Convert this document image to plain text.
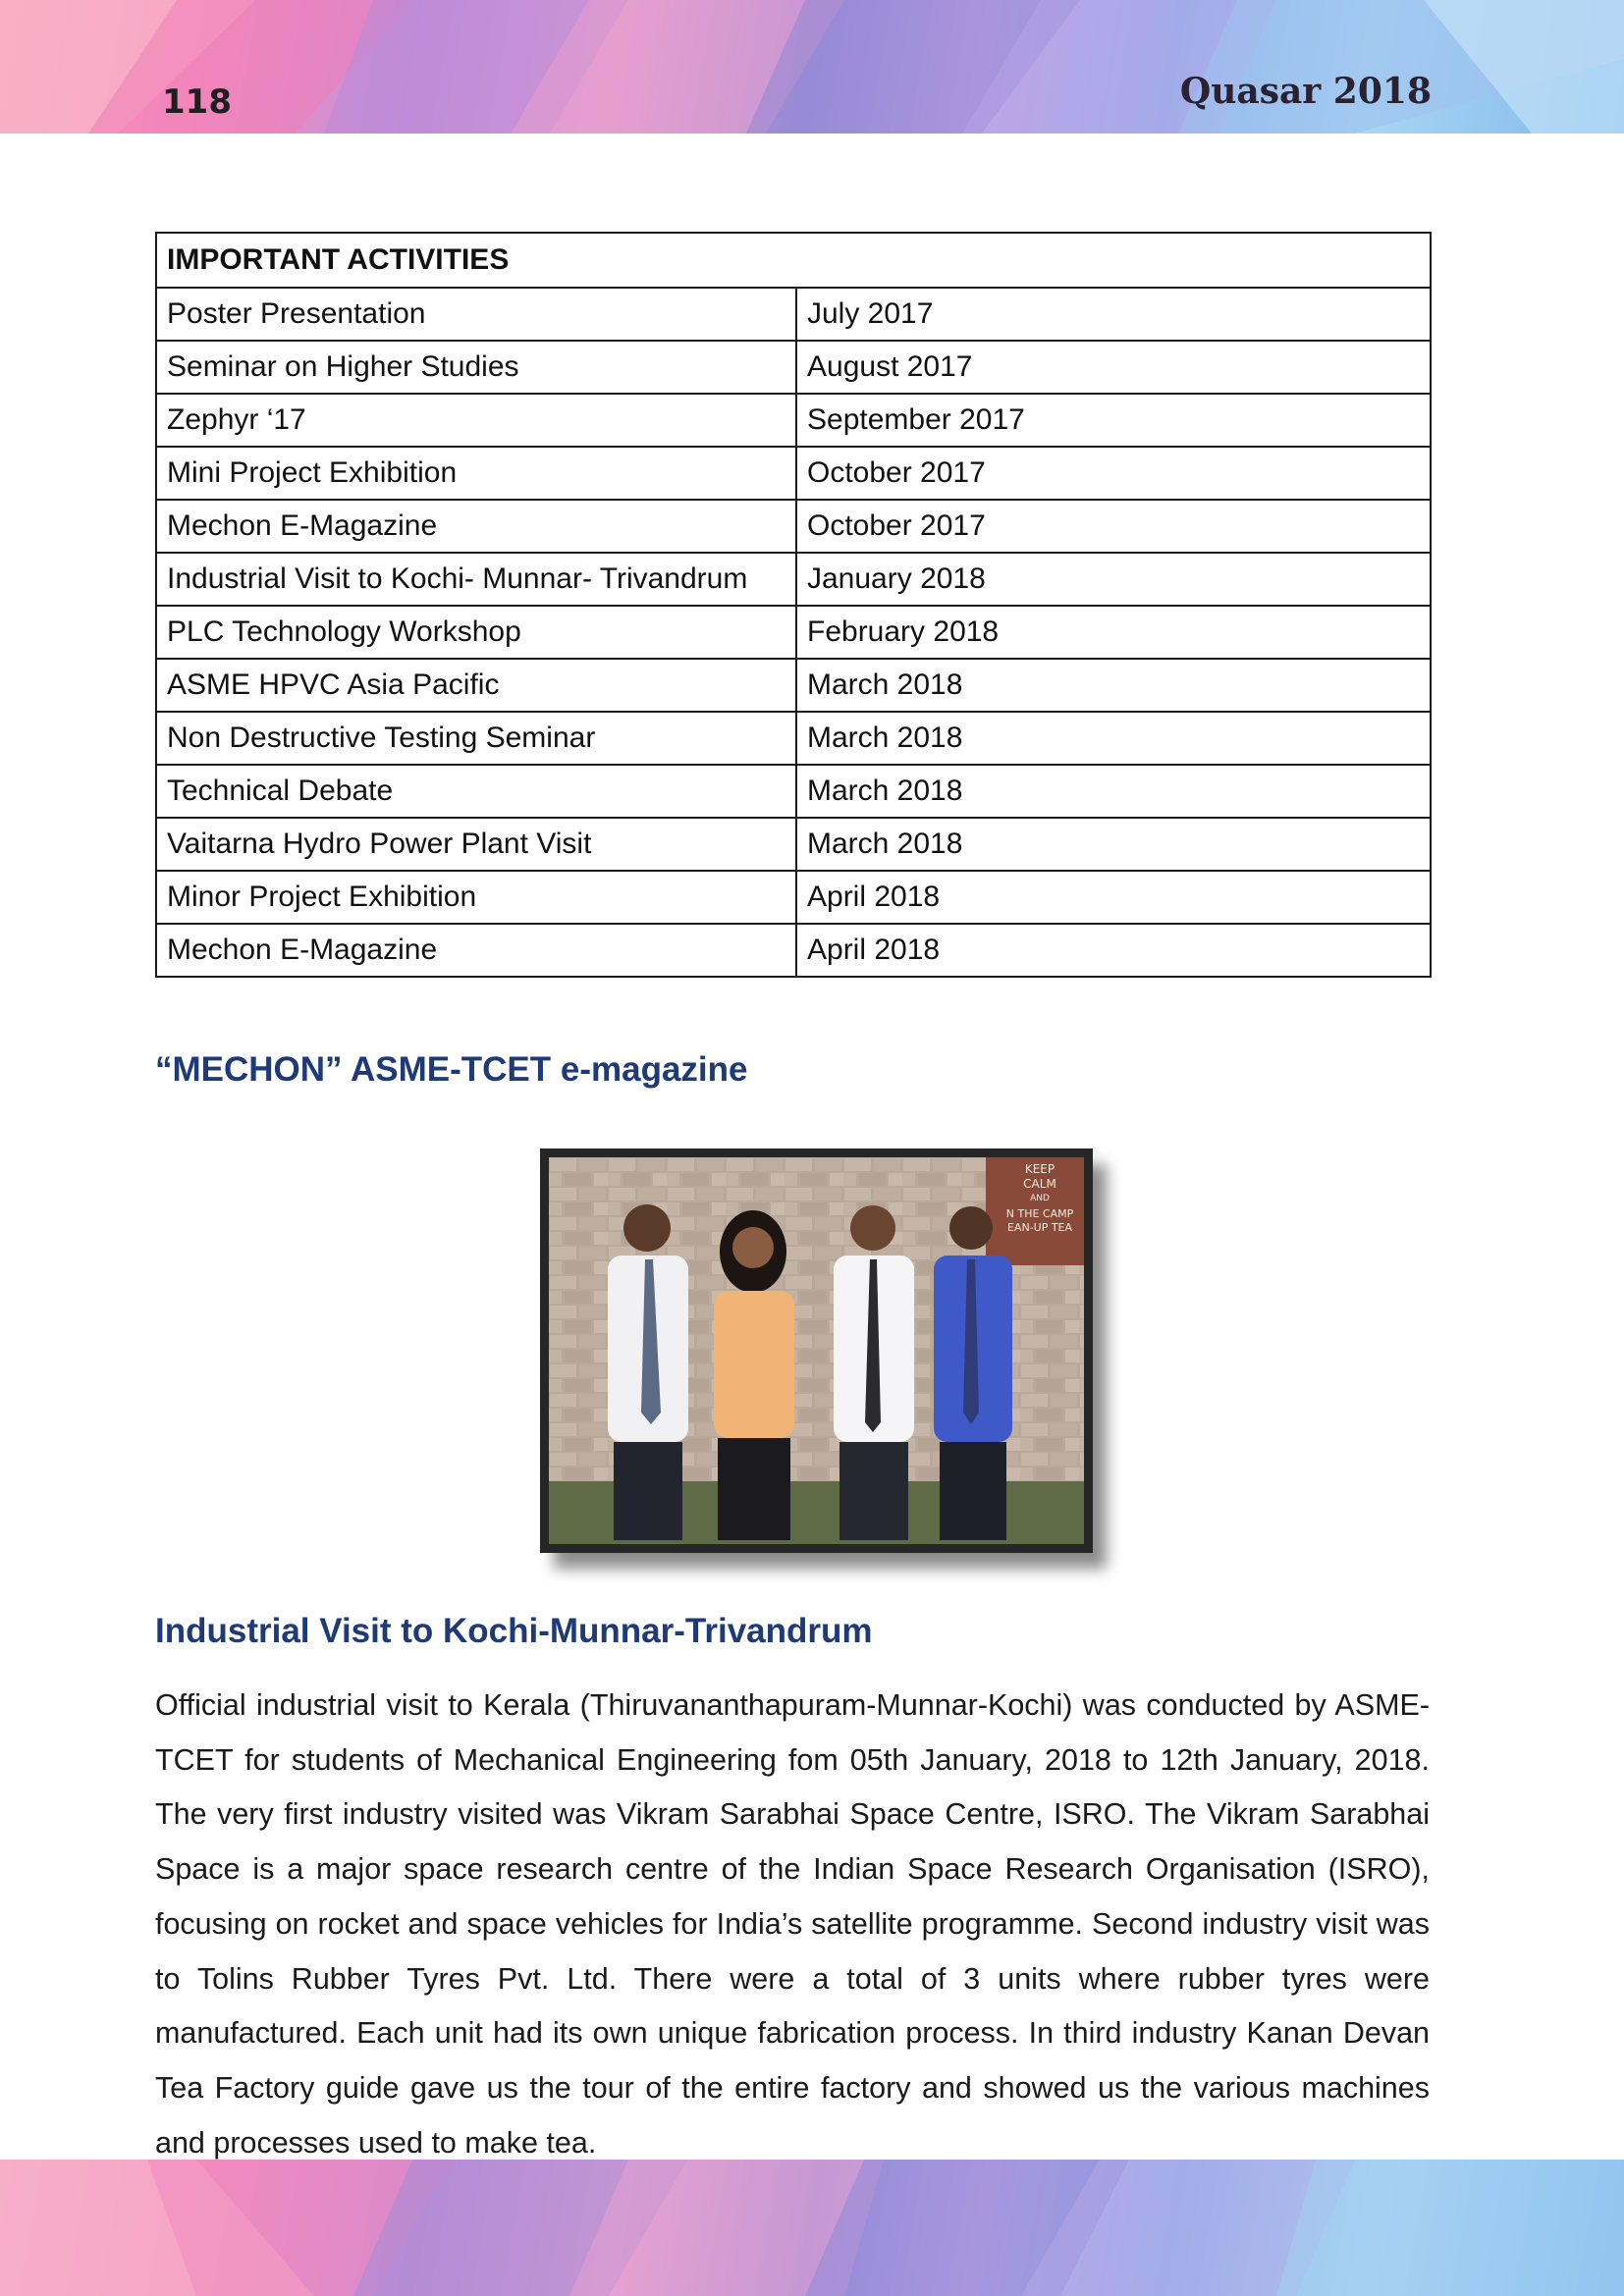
118	Quasar 2018
IMPORTANT ACTIVITIES	
Poster Presentation	July 2017
Seminar on Higher Studies	August 2017
Zephyr ‘17	September 2017
Mini Project Exhibition	October 2017
Mechon E-Magazine	October 2017
Industrial Visit to Kochi- Munnar- Trivandrum	January 2018
PLC Technology Workshop	February 2018
ASME HPVC Asia Pacific	March 2018
Non Destructive Testing Seminar	March 2018
Technical Debate	March 2018
Vaitarna Hydro Power Plant Visit	March 2018
Minor Project Exhibition	April 2018
Mechon E-Magazine	April 2018
“MECHON” ASME-TCET e-magazine
KEEP
CALM
AND
N THE CAMP
EAN-UP TEA
Industrial Visit to Kochi-Munnar-Trivandrum

Official industrial visit to Kerala (Thiruvananthapuram-Munnar-Kochi) was conducted by ASME-TCET for students of Mechanical Engineering fom 05th January, 2018 to 12th January, 2018. The very first industry visited was Vikram Sarabhai Space Centre, ISRO. The Vikram Sarabhai Space is a major space research centre of the Indian Space Research Organisation (ISRO), focusing on rocket and space vehicles for India’s satellite programme. Second industry visit was to Tolins Rubber Tyres Pvt. Ltd. There were a total of 3 units where rubber tyres were manufactured. Each unit had its own unique fabrication process. In third industry Kanan Devan Tea Factory guide gave us the tour of the entire factory and showed us the various machines and processes used to make tea.
